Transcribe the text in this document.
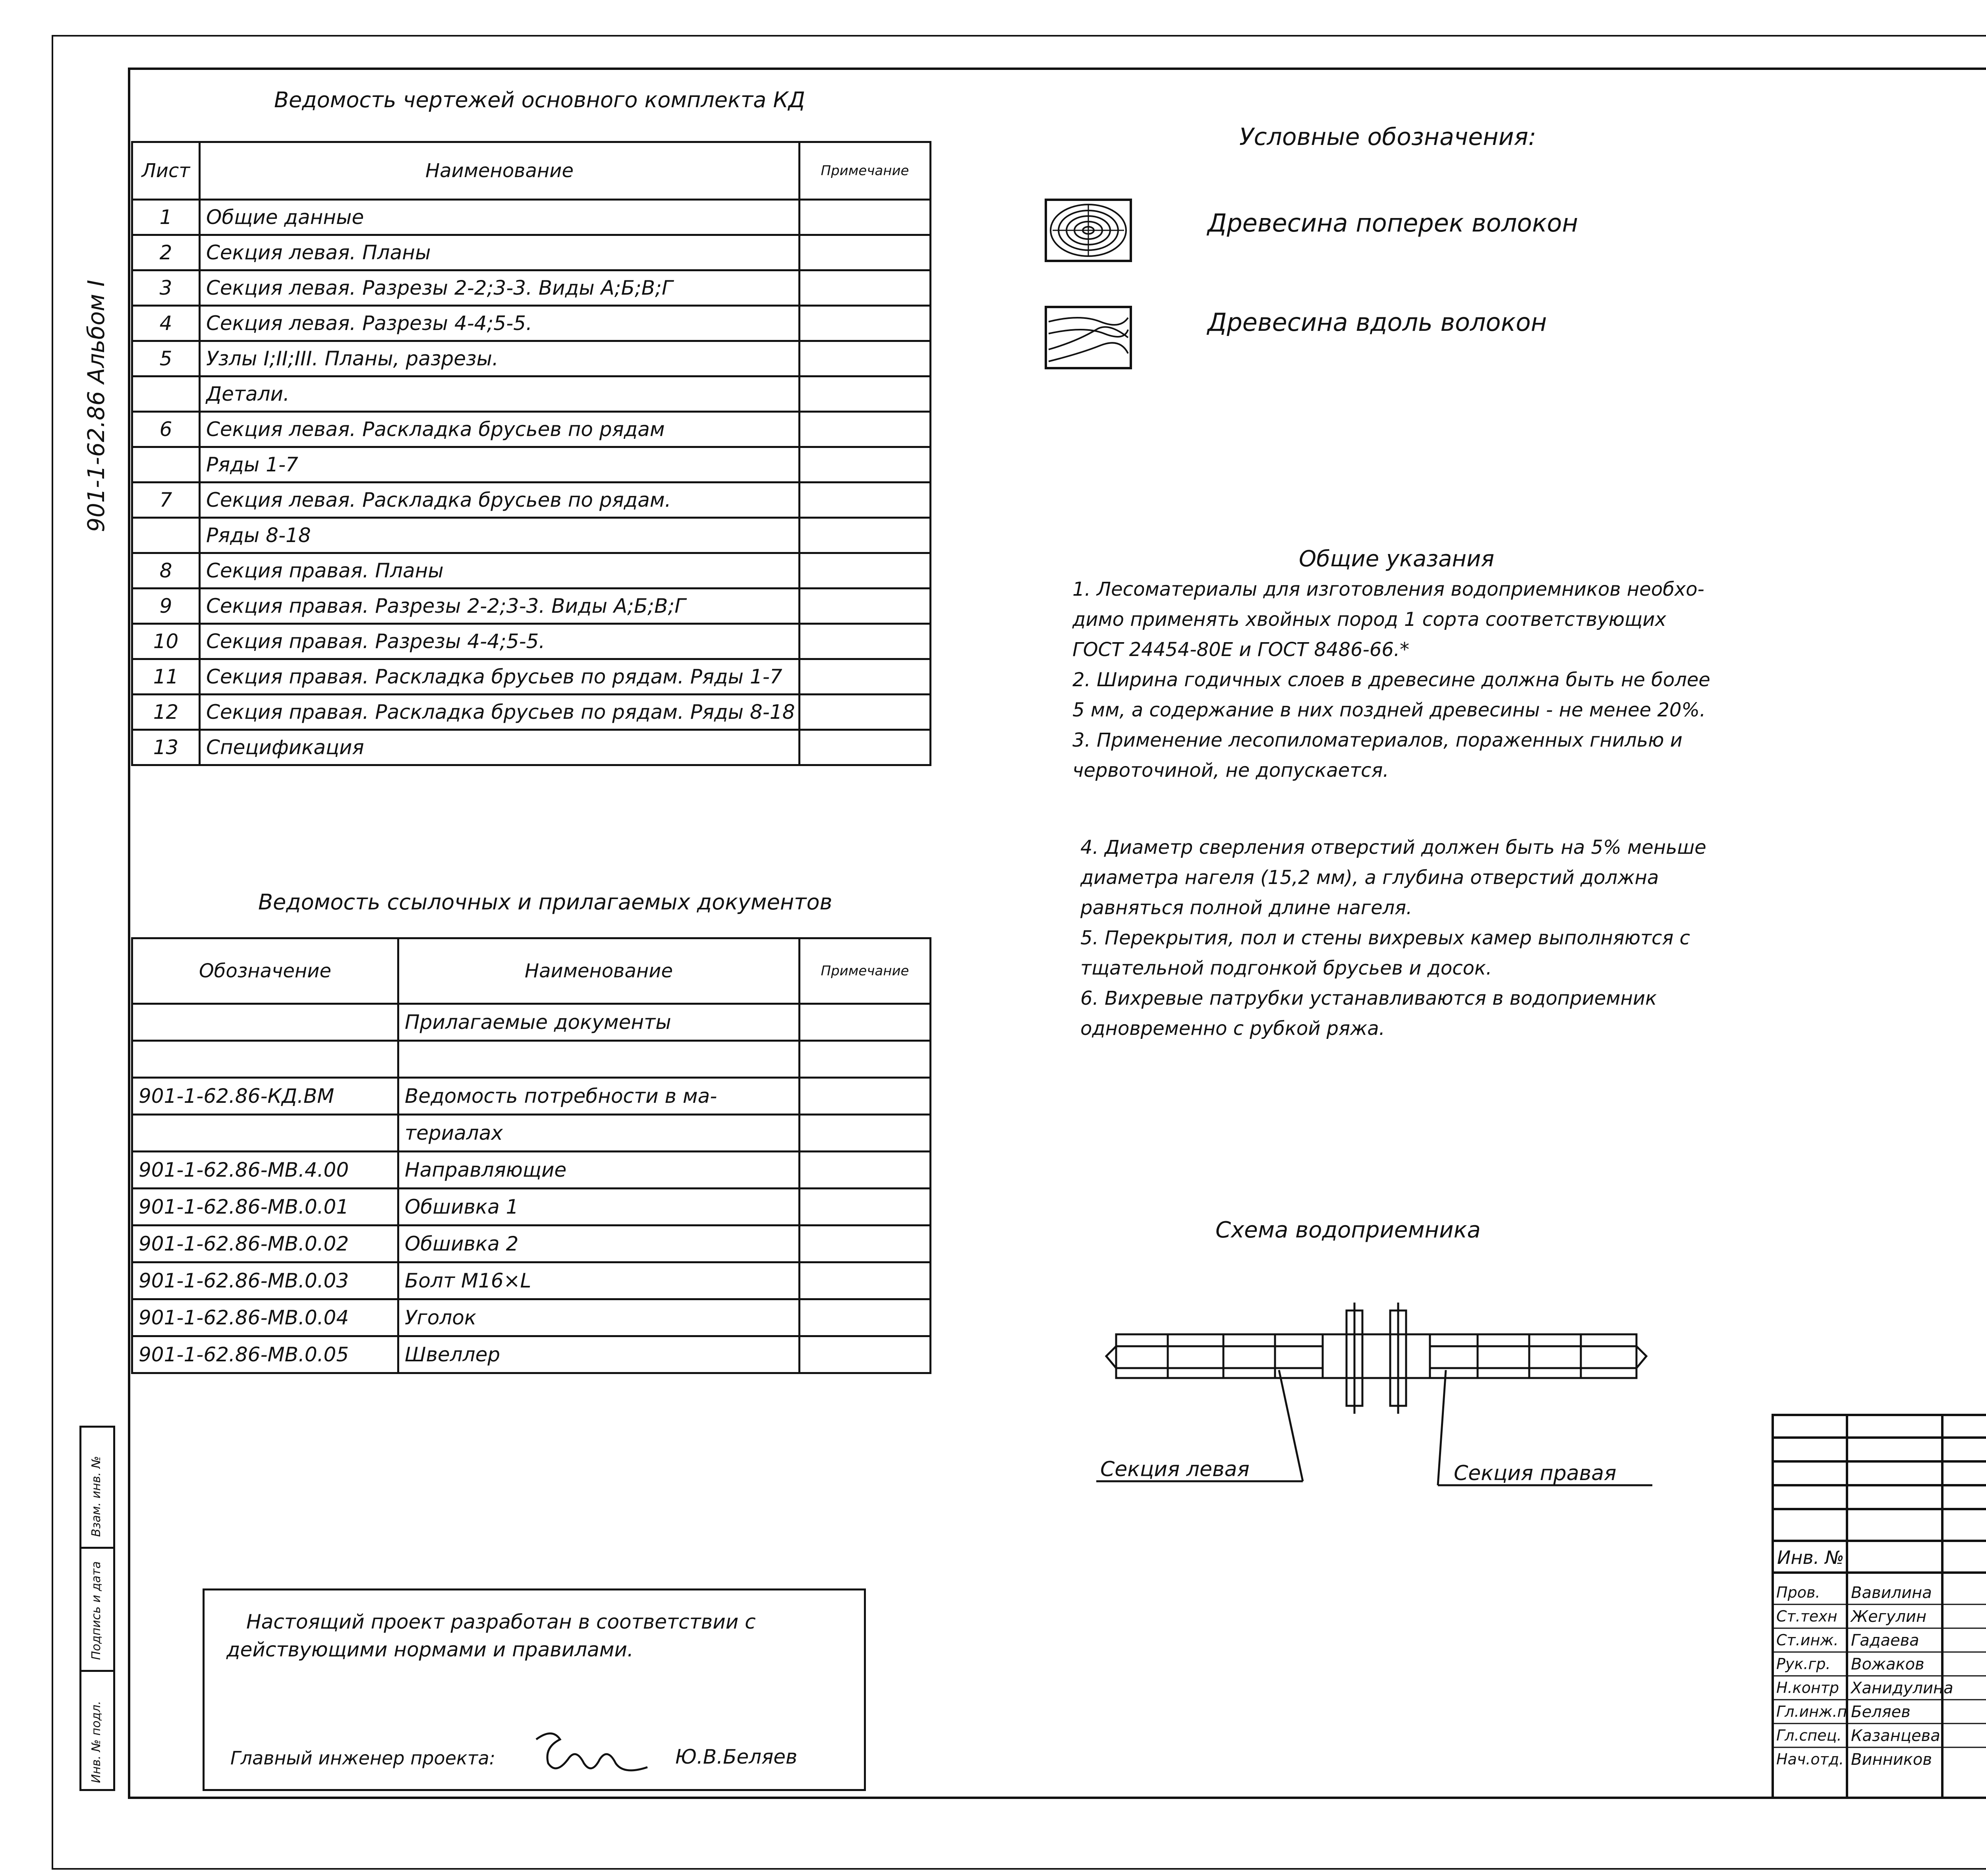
901-1-62.86 Альбом I
Ведомость чертежей основного комплекта КД
Лист	Наименование	Примечание
1	Общие данные	
2	Секция левая. Планы	
3	Секция левая. Разрезы 2-2;3-3. Виды А;Б;В;Г	
4	Секция левая. Разрезы 4-4;5-5.	
5	Узлы I;II;III. Планы, разрезы.	
	Детали.	
6	Секция левая. Раскладка брусьев по рядам	
	Ряды 1-7	
7	Секция левая. Раскладка брусьев по рядам.	
	Ряды 8-18	
8	Секция правая. Планы	
9	Секция правая. Разрезы 2-2;3-3. Виды А;Б;В;Г	
10	Секция правая. Разрезы 4-4;5-5.	
11	Секция правая. Раскладка брусьев по рядам. Ряды 1-7	
12	Секция правая. Раскладка брусьев по рядам. Ряды 8-18	
13	Спецификация	
Ведомость ссылочных и прилагаемых документов
Обозначение	Наименование	Примечание
	Прилагаемые документы	

901-1-62.86-КД.ВМ	Ведомость потребности в ма-	
	териалах	
901-1-62.86-МВ.4.00	Направляющие	
901-1-62.86-МВ.0.01	Обшивка 1	
901-1-62.86-МВ.0.02	Обшивка 2	
901-1-62.86-МВ.0.03	Болт М16×L	
901-1-62.86-МВ.0.04	Уголок	
901-1-62.86-МВ.0.05	Швеллер	
Условные обозначения:
Древесина поперек волокон
Древесина вдоль волокон
Общие указания
1. Лесоматериалы для изготовления водоприемников необхо-
димо применять хвойных пород 1 сорта соответствующих
ГОСТ 24454-80Е и ГОСТ 8486-66.*
2. Ширина годичных слоев в древесине должна быть не более
5 мм, а содержание в них поздней древесины - не менее 20%.
3. Применение лесопиломатериалов, пораженных гнилью и
червоточиной, не допускается.
4. Диаметр сверления отверстий должен быть на 5% меньше
диаметра нагеля (15,2 мм), а глубина отверстий должна
равняться полной длине нагеля.
5. Перекрытия, пол и стены вихревых камер выполняются с
тщательной подгонкой брусьев и досок.
6. Вихревые патрубки устанавливаются в водоприемник
одновременно с рубкой ряжа.
Схема водоприемника
Секция левая	Секция правая
Инв. № подл.
Подпись и дата
Взам. инв. №
Настоящий проект разработан в соответствии с
действующими нормами и правилами.
Главный инженер проекта:	Ю.В.Беляев
Инв. №
Пров. Вавилина
Ст.техн Жегулин
Ст.инж. Гадаева
Рук.гр. Вожаков
Н.контр Ханидулина
Гл.инж.п Беляев
Гл.спец. Казанцева
Нач.отд. Винников
